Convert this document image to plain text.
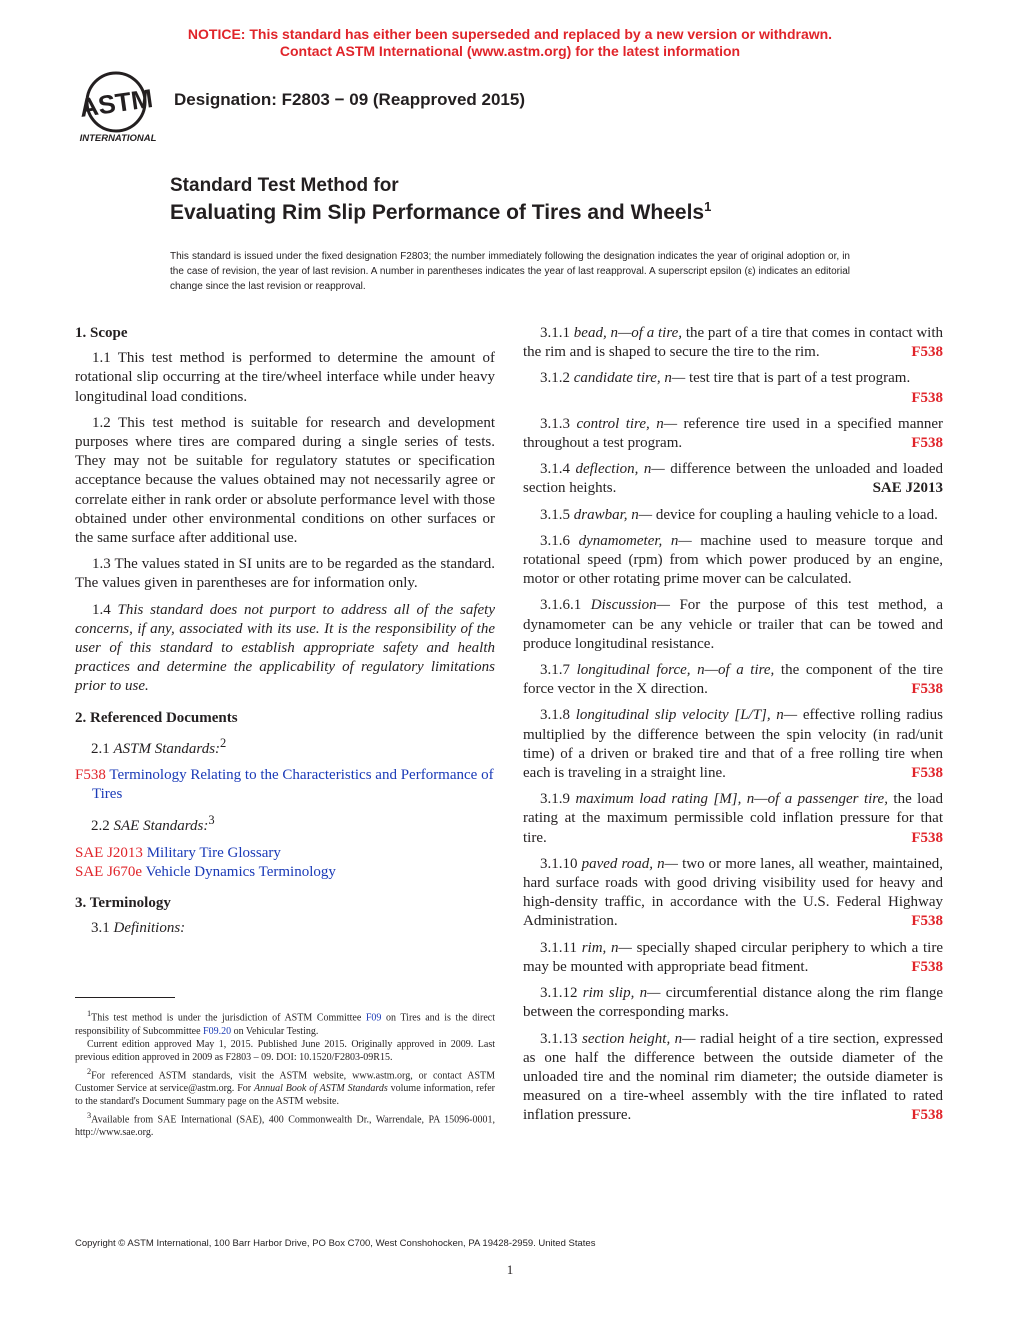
NOTICE: This standard has either been superseded and replaced by a new version or withdrawn.
Contact ASTM International (www.astm.org) for the latest information
ASTM
INTERNATIONAL
Designation: F2803 − 09 (Reapproved 2015)
Standard Test Method for
Evaluating Rim Slip Performance of Tires and Wheels$^1$
This standard is issued under the fixed designation F2803; the number immediately following the designation indicates the year of original adoption or, in the case of revision, the year of last revision. A number in parentheses indicates the year of last reapproval. A superscript epsilon (ε) indicates an editorial change since the last revision or reapproval.

1. Scope

1.1 This test method is performed to determine the amount of rotational slip occurring at the tire/wheel interface while under heavy longitudinal load conditions.

1.2 This test method is suitable for research and development purposes where tires are compared during a single series of tests. They may not be suitable for regulatory statutes or specification acceptance because the values obtained may not necessarily agree or correlate either in rank order or absolute performance level with those obtained under other environmental conditions on other surfaces or the same surface after additional use.

1.3 The values stated in SI units are to be regarded as the standard. The values given in parentheses are for information only.

1.4 This standard does not purport to address all of the safety concerns, if any, associated with its use. It is the responsibility of the user of this standard to establish appropriate safety and health practices and determine the applicability of regulatory limitations prior to use.

2. Referenced Documents

2.1 ASTM Standards:$^2$

F538 Terminology Relating to the Characteristics and Performance of Tires

2.2 SAE Standards:$^3$

SAE J2013 Military Tire Glossary

SAE J670e Vehicle Dynamics Terminology

3. Terminology

3.1 Definitions:

3.1.1 bead, n—of a tire, the part of a tire that comes in contact with the rim and is shaped to secure the tire to the rim.	F538

3.1.2 candidate tire, n— test tire that is part of a test program.
F538

3.1.3 control tire, n— reference tire used in a specified manner throughout a test program.	F538

3.1.4 deflection, n— difference between the unloaded and loaded section heights.	SAE J2013

3.1.5 drawbar, n— device for coupling a hauling vehicle to a load.

3.1.6 dynamometer, n— machine used to measure torque and rotational speed (rpm) from which power produced by an engine, motor or other rotating prime mover can be calculated.

3.1.6.1 Discussion— For the purpose of this test method, a dynamometer can be any vehicle or trailer that can be towed and produce longitudinal resistance.

3.1.7 longitudinal force, n—of a tire, the component of the tire force vector in the X direction.	F538

3.1.8 longitudinal slip velocity [L/T], n— effective rolling radius multiplied by the difference between the spin velocity (in rad/unit time) of a driven or braked tire and that of a free rolling tire when each is traveling in a straight line.	F538

3.1.9 maximum load rating [M], n—of a passenger tire, the load rating at the maximum permissible cold inflation pressure for that tire.	F538

3.1.10 paved road, n— two or more lanes, all weather, maintained, hard surface roads with good driving visibility used for heavy and high-density traffic, in accordance with the U.S. Federal Highway Administration.	F538

3.1.11 rim, n— specially shaped circular periphery to which a tire may be mounted with appropriate bead fitment.	F538

3.1.12 rim slip, n— circumferential distance along the rim flange between the corresponding marks.

3.1.13 section height, n— radial height of a tire section, expressed as one half the difference between the outside diameter of the unloaded tire and the nominal rim diameter; the outside diameter is measured on a tire-wheel assembly with the tire inflated to rated inflation pressure.	F538

$^1$This test method is under the jurisdiction of ASTM Committee F09 on Tires and is the direct responsibility of Subcommittee F09.20 on Vehicular Testing.

Current edition approved May 1, 2015. Published June 2015. Originally approved in 2009. Last previous edition approved in 2009 as F2803 – 09. DOI: 10.1520/F2803-09R15.

$^2$For referenced ASTM standards, visit the ASTM website, www.astm.org, or contact ASTM Customer Service at service@astm.org. For Annual Book of ASTM Standards volume information, refer to the standard's Document Summary page on the ASTM website.

$^3$Available from SAE International (SAE), 400 Commonwealth Dr., Warrendale, PA 15096-0001, http://www.sae.org.

Copyright © ASTM International, 100 Barr Harbor Drive, PO Box C700, West Conshohocken, PA 19428-2959. United States
1
